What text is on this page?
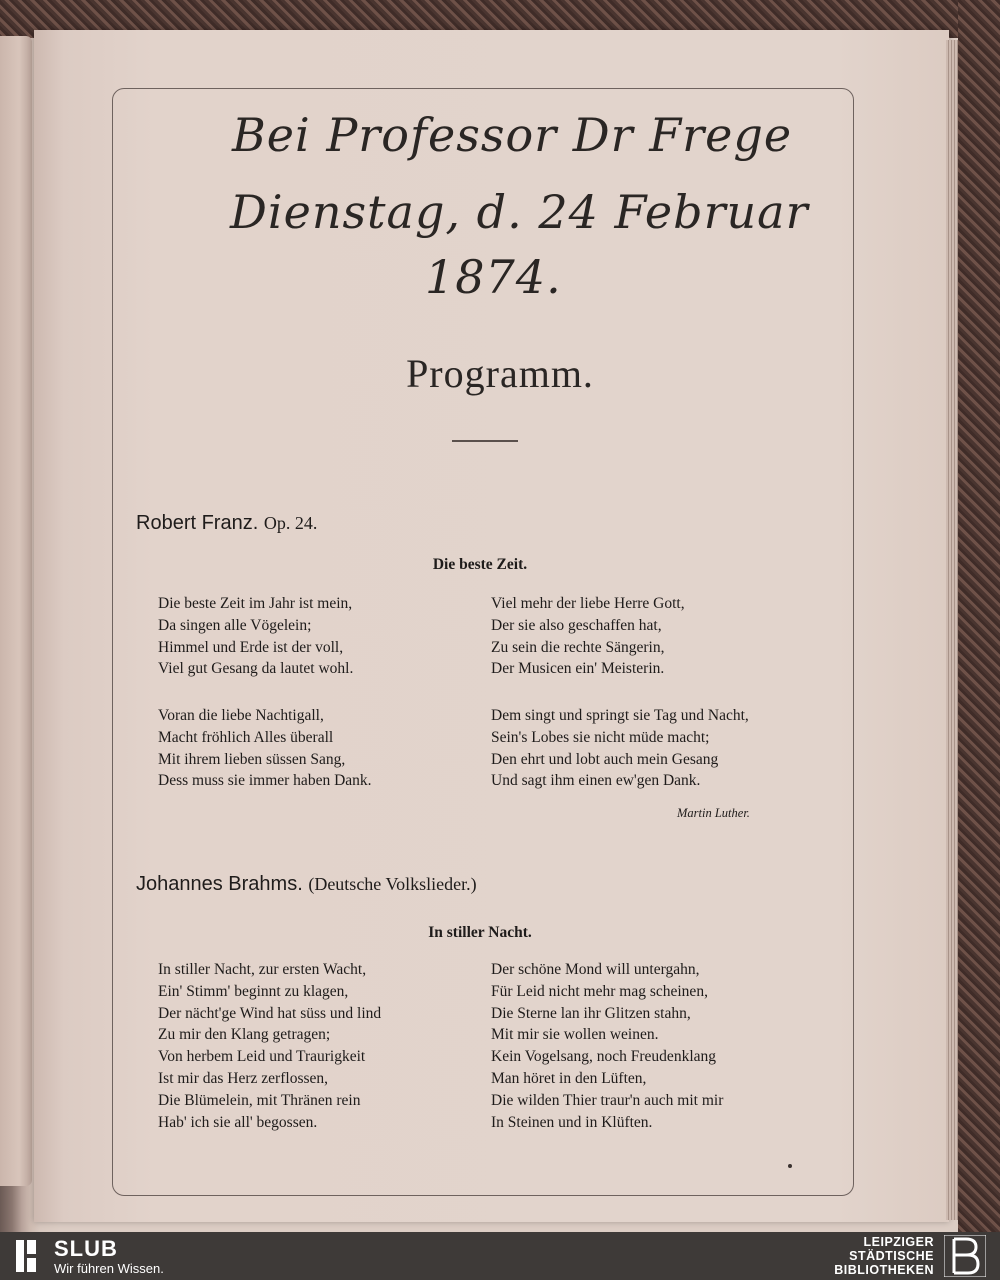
Bei Professor Dr Frege
Dienstag, d. 24 Februar
1874.
Programm.
Robert Franz. Op. 24.
Die beste Zeit.
Die beste Zeit im Jahr ist mein,
Da singen alle Vögelein;
Himmel und Erde ist der voll,
Viel gut Gesang da lautet wohl.
Voran die liebe Nachtigall,
Macht fröhlich Alles überall
Mit ihrem lieben süssen Sang,
Dess muss sie immer haben Dank.
Viel mehr der liebe Herre Gott,
Der sie also geschaffen hat,
Zu sein die rechte Sängerin,
Der Musicen ein' Meisterin.
Dem singt und springt sie Tag und Nacht,
Sein's Lobes sie nicht müde macht;
Den ehrt und lobt auch mein Gesang
Und sagt ihm einen ew'gen Dank.
Martin Luther.
Johannes Brahms. (Deutsche Volkslieder.)
In stiller Nacht.
In stiller Nacht, zur ersten Wacht,
Ein' Stimm' beginnt zu klagen,
Der nächt'ge Wind hat süss und lind
Zu mir den Klang getragen;
Von herbem Leid und Traurigkeit
Ist mir das Herz zerflossen,
Die Blümelein, mit Thränen rein
Hab' ich sie all' begossen.
Der schöne Mond will untergahn,
Für Leid nicht mehr mag scheinen,
Die Sterne lan ihr Glitzen stahn,
Mit mir sie wollen weinen.
Kein Vogelsang, noch Freudenklang
Man höret in den Lüften,
Die wilden Thier traur'n auch mit mir
In Steinen und in Klüften.
SLUB
Wir führen Wissen.
LEIPZIGER
STÄDTISCHE
BIBLIOTHEKEN
